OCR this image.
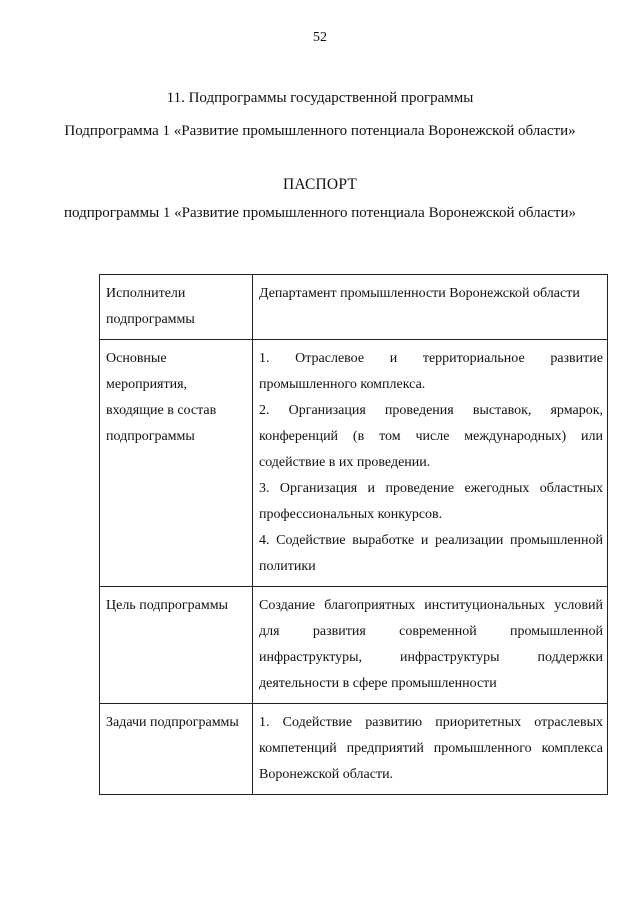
52
11. Подпрограммы государственной программы
Подпрограмма 1 «Развитие промышленного потенциала Воронежской области»
ПАСПОРТ
подпрограммы 1 «Развитие промышленного потенциала Воронежской области»
Исполнители подпрограммы	Департамент промышленности Воронежской области

Основные мероприятия, входящие в состав подпрограммы	1. Отраслевое и территориальное развитие промышленного комплекса.

2. Организация проведения выставок, ярмарок, конференций (в том числе международных) или содействие в их проведении.

3. Организация и проведение ежегодных областных профессиональных конкурсов.

4. Содействие выработке и реализации промышленной политики

Цель подпрограммы	Создание благоприятных институциональных условий для развития современной промышленной инфраструктуры, инфраструктуры поддержки деятельности в сфере промышленности

Задачи подпрограммы	1. Содействие развитию приоритетных отраслевых компетенций предприятий промышленного комплекса Воронежской области.
